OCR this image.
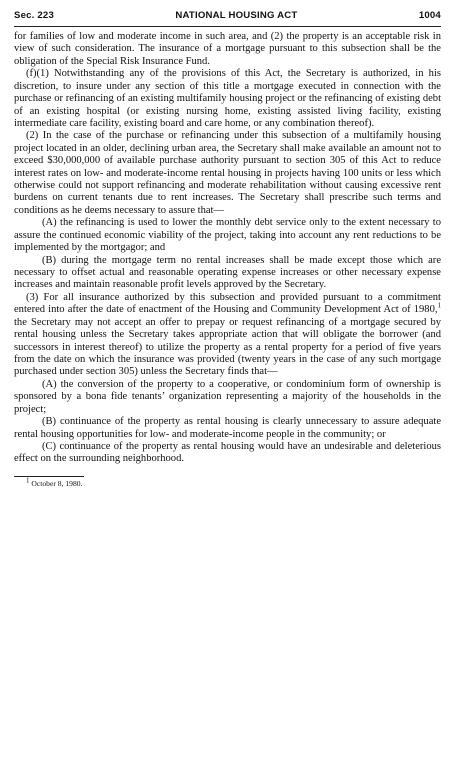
Sec. 223	NATIONAL HOUSING ACT	1004

for families of low and moderate income in such area, and (2) the property is an acceptable risk in view of such consideration. The insurance of a mortgage pursuant to this subsection shall be the obligation of the Special Risk Insurance Fund.

(f)(1) Notwithstanding any of the provisions of this Act, the Secretary is authorized, in his discretion, to insure under any section of this title a mortgage executed in connection with the purchase or refinancing of an existing multifamily housing project or the refinancing of existing debt of an existing hospital (or existing nursing home, existing assisted living facility, existing intermediate care facility, existing board and care home, or any combination thereof).

(2) In the case of the purchase or refinancing under this subsection of a multifamily housing project located in an older, declining urban area, the Secretary shall make available an amount not to exceed $30,000,000 of available purchase authority pursuant to section 305 of this Act to reduce interest rates on low- and moderate-income rental housing in projects having 100 units or less which otherwise could not support refinancing and moderate rehabilitation without causing excessive rent burdens on current tenants due to rent increases. The Secretary shall prescribe such terms and conditions as he deems necessary to assure that—

(A) the refinancing is used to lower the monthly debt service only to the extent necessary to assure the continued economic viability of the project, taking into account any rent reductions to be implemented by the mortgagor; and

(B) during the mortgage term no rental increases shall be made except those which are necessary to offset actual and reasonable operating expense increases or other necessary expense increases and maintain reasonable profit levels approved by the Secretary.

(3) For all insurance authorized by this subsection and provided pursuant to a commitment entered into after the date of enactment of the Housing and Community Development Act of 1980,$^1$ the Secretary may not accept an offer to prepay or request refinancing of a mortgage secured by rental housing unless the Secretary takes appropriate action that will obligate the borrower (and successors in interest thereof) to utilize the property as a rental property for a period of five years from the date on which the insurance was provided (twenty years in the case of any such mortgage purchased under section 305) unless the Secretary finds that—

(A) the conversion of the property to a cooperative, or condominium form of ownership is sponsored by a bona fide tenants’ organization representing a majority of the households in the project;

(B) continuance of the property as rental housing is clearly unnecessary to assure adequate rental housing opportunities for low- and moderate-income people in the community; or

(C) continuance of the property as rental housing would have an undesirable and deleterious effect on the surrounding neighborhood.

$^1$ October 8, 1980.
